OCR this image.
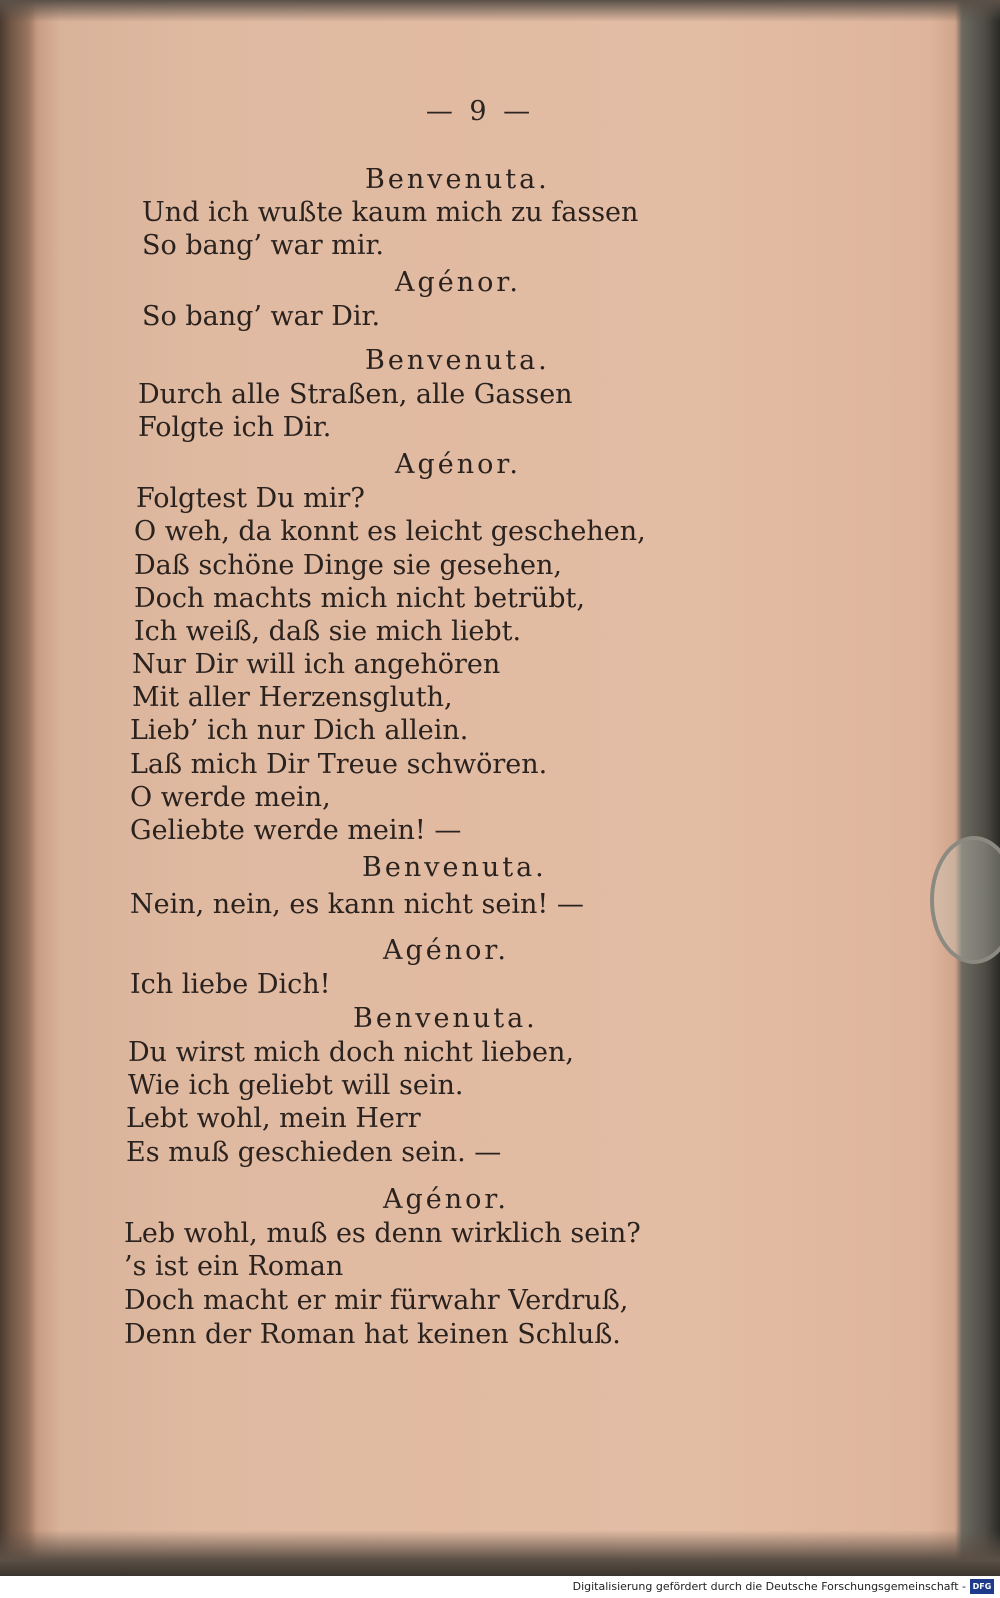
— 9 —
Benvenuta.
Und ich wußte kaum mich zu fassen
So bang’ war mir.
Agénor.
So bang’ war Dir.
Benvenuta.
Durch alle Straßen, alle Gassen
Folgte ich Dir.
Agénor.
Folgtest Du mir?
O weh, da konnt es leicht geschehen,
Daß schöne Dinge sie gesehen,
Doch machts mich nicht betrübt,
Ich weiß, daß sie mich liebt.
Nur Dir will ich angehören
Mit aller Herzensgluth,
Lieb’ ich nur Dich allein.
Laß mich Dir Treue schwören.
O werde mein,
Geliebte werde mein! —
Benvenuta.
Nein, nein, es kann nicht sein! —
Agénor.
Ich liebe Dich!
Benvenuta.
Du wirst mich doch nicht lieben,
Wie ich geliebt will sein.
Lebt wohl, mein Herr
Es muß geschieden sein. —
Agénor.
Leb wohl, muß es denn wirklich sein?
’s ist ein Roman
Doch macht er mir fürwahr Verdruß,
Denn der Roman hat keinen Schluß.
Digitalisierung gefördert durch die Deutsche Forschungsgemeinschaft - DFG
